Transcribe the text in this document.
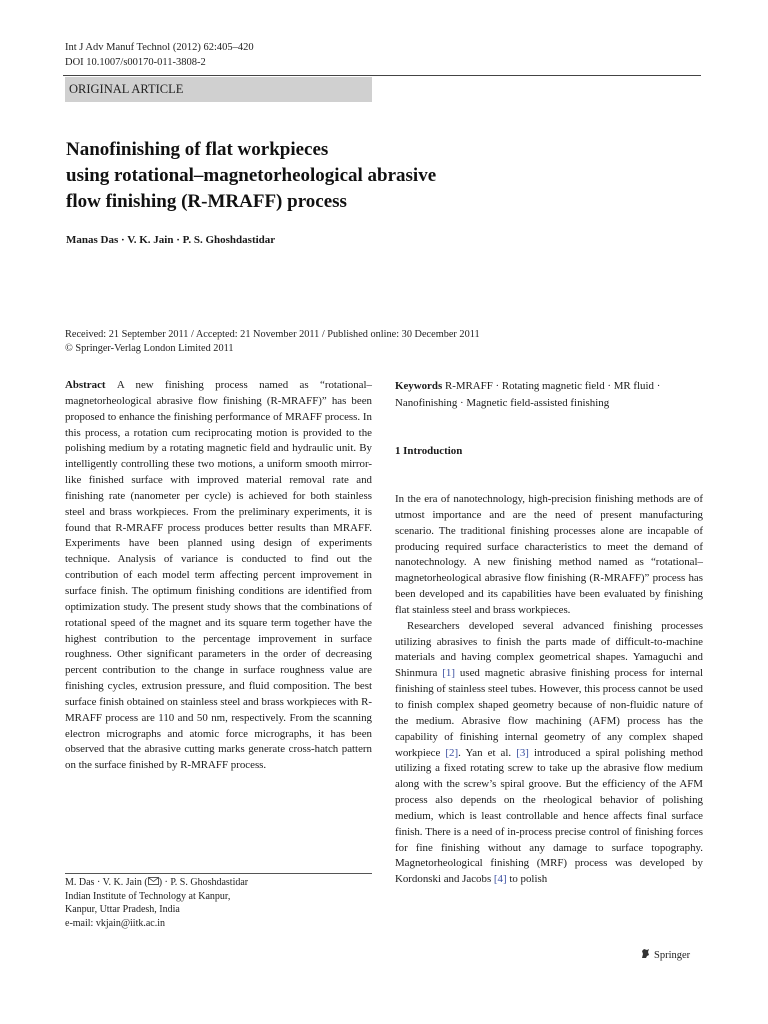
Int J Adv Manuf Technol (2012) 62:405–420
DOI 10.1007/s00170-011-3808-2
ORIGINAL ARTICLE
Nanofinishing of flat workpieces
using rotational–magnetorheological abrasive
flow finishing (R-MRAFF) process
Manas Das · V. K. Jain · P. S. Ghoshdastidar
Received: 21 September 2011 / Accepted: 21 November 2011 / Published online: 30 December 2011
© Springer-Verlag London Limited 2011

Abstract A new finishing process named as “rotational–magnetorheological abrasive flow finishing (R-MRAFF)” has been proposed to enhance the finishing performance of MRAFF process. In this process, a rotation cum reciprocating motion is provided to the polishing medium by a rotating magnetic field and hydraulic unit. By intelligently controlling these two motions, a uniform smooth mirror-like finished surface with improved material removal rate and finishing rate (nanometer per cycle) is achieved for both stainless steel and brass workpieces. From the preliminary experiments, it is found that R-MRAFF process produces better results than MRAFF. Experiments have been planned using design of experiments technique. Analysis of variance is conducted to find out the contribution of each model term affecting percent improvement in surface finish. The optimum finishing conditions are identified from optimization study. The present study shows that the combinations of rotational speed of the magnet and its square term together have the highest contribution to the percentage improvement in surface roughness. Other significant parameters in the order of decreasing percent contribution to the change in surface roughness value are finishing cycles, extrusion pressure, and fluid composition. The best surface finish obtained on stainless steel and brass workpieces with R-MRAFF process are 110 and 50 nm, respectively. From the scanning electron micrographs and atomic force micrographs, it has been observed that the abrasive cutting marks generate cross-hatch pattern on the surface finished by R-MRAFF process.

M. Das · V. K. Jain ( ) · P. S. Ghoshdastidar
Indian Institute of Technology at Kanpur,
Kanpur, Uttar Pradesh, India
e-mail: vkjain@iitk.ac.in
Keywords R-MRAFF · Rotating magnetic field · MR fluid · Nanofinishing · Magnetic field-assisted finishing
1 Introduction

In the era of nanotechnology, high-precision finishing methods are of utmost importance and are the need of present manufacturing scenario. The traditional finishing processes alone are incapable of producing required surface characteristics to meet the demand of nanotechnology. A new finishing method named as “rotational–magnetorheological abrasive flow finishing (R-MRAFF)” process has been developed and its capabilities have been evaluated by finishing flat stainless steel and brass workpieces.

Researchers developed several advanced finishing processes utilizing abrasives to finish the parts made of difficult-to-machine materials and having complex geometrical shapes. Yamaguchi and Shinmura [1] used magnetic abrasive finishing process for internal finishing of stainless steel tubes. However, this process cannot be used to finish complex shaped geometry because of non-fluidic nature of the medium. Abrasive flow machining (AFM) process has the capability of finishing internal geometry of any complex shaped workpiece [2]. Yan et al. [3] introduced a spiral polishing method utilizing a fixed rotating screw to take up the abrasive flow medium along with the screw’s spiral groove. But the efficiency of the AFM process also depends on the rheological behavior of polishing medium, which is least controllable and hence affects final surface finish. There is a need of in-process precise control of finishing forces for fine finishing without any damage to surface topography. Magnetorheological finishing (MRF) process was developed by Kordonski and Jacobs [4] to polish

Springer
